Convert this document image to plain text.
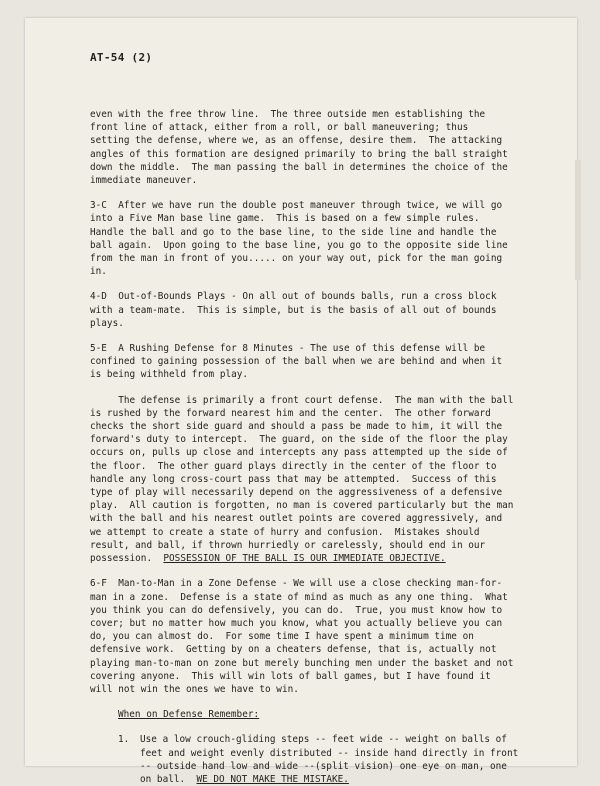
AT-54 (2)
even with the free throw line.  The three outside men establishing the
front line of attack, either from a roll, or ball maneuvering; thus
setting the defense, where we, as an offense, desire them.  The attacking
angles of this formation are designed primarily to bring the ball straight
down the middle.  The man passing the ball in determines the choice of the
immediate maneuver.
3-C  After we have run the double post maneuver through twice, we will go
into a Five Man base line game.  This is based on a few simple rules.
Handle the ball and go to the base line, to the side line and handle the
ball again.  Upon going to the base line, you go to the opposite side line
from the man in front of you..... on your way out, pick for the man going
in.
4-D  Out-of-Bounds Plays - On all out of bounds balls, run a cross block
with a team-mate.  This is simple, but is the basis of all out of bounds
plays.
5-E  A Rushing Defense for 8 Minutes - The use of this defense will be
confined to gaining possession of the ball when we are behind and when it
is being withheld from play.
The defense is primarily a front court defense.  The man with the ball
is rushed by the forward nearest him and the center.  The other forward
checks the short side guard and should a pass be made to him, it will the
forward's duty to intercept.  The guard, on the side of the floor the play
occurs on, pulls up close and intercepts any pass attempted up the side of
the floor.  The other guard plays directly in the center of the floor to
handle any long cross-court pass that may be attempted.  Success of this
type of play will necessarily depend on the aggressiveness of a defensive
play.  All caution is forgotten, no man is covered particularly but the man
with the ball and his nearest outlet points are covered aggressively, and
we attempt to create a state of hurry and confusion.  Mistakes should
result, and ball, if thrown hurriedly or carelessly, should end in our
possession.  POSSESSION OF THE BALL IS OUR IMMEDIATE OBJECTIVE.
6-F  Man-to-Man in a Zone Defense - We will use a close checking man-for-
man in a zone.  Defense is a state of mind as much as any one thing.  What
you think you can do defensively, you can do.  True, you must know how to
cover; but no matter how much you know, what you actually believe you can
do, you can almost do.  For some time I have spent a minimum time on
defensive work.  Getting by on a cheaters defense, that is, actually not
playing man-to-man on zone but merely bunching men under the basket and not
covering anyone.  This will win lots of ball games, but I have found it
will not win the ones we have to win.
When on Defense Remember:
1. Use a low crouch-gliding steps -- feet wide -- weight on balls of
feet and weight evenly distributed -- inside hand directly in front
-- outside hand low and wide --(split vision) one eye on man, one
on ball.  WE DO NOT MAKE THE MISTAKE.
